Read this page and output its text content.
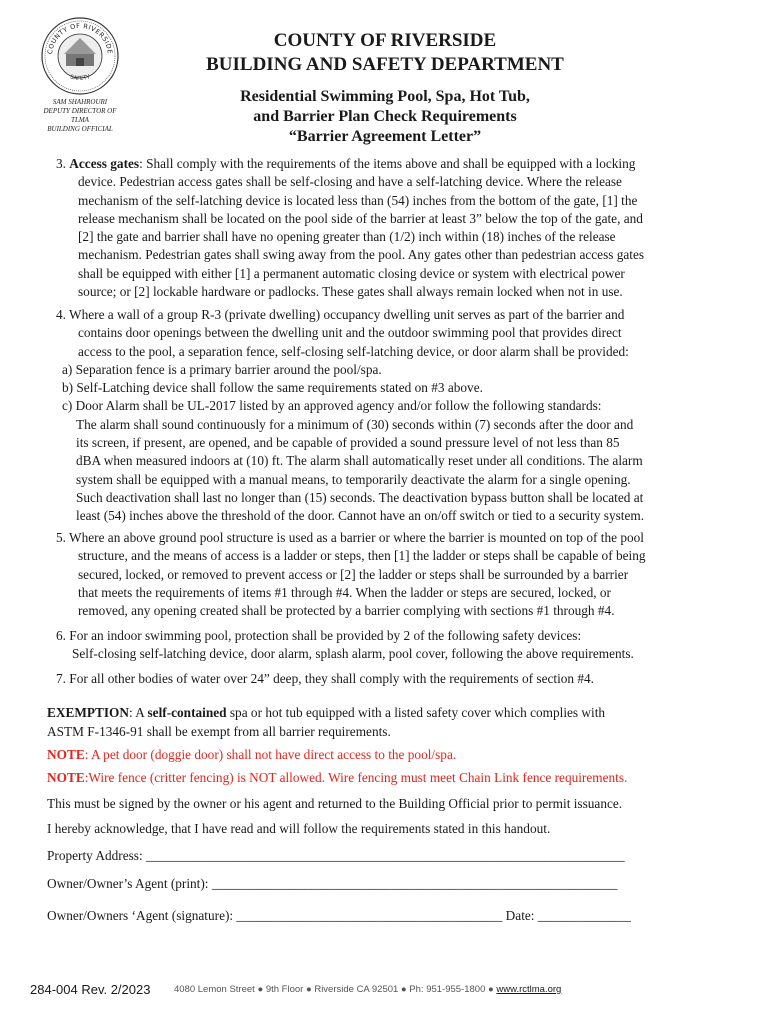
COUNTY OF RIVERSIDE
SAFETY
SAM SHAHROURI
DEPUTY DIRECTOR OF
TLMA
BUILDING OFFICIAL
COUNTY OF RIVERSIDE
BUILDING AND SAFETY DEPARTMENT
Residential Swimming Pool, Spa, Hot Tub,
and Barrier Plan Check Requirements
“Barrier Agreement Letter”
3. Access gates: Shall comply with the requirements of the items above and shall be equipped with a locking
device. Pedestrian access gates shall be self-closing and have a self-latching device. Where the release
mechanism of the self-latching device is located less than (54) inches from the bottom of the gate, [1] the
release mechanism shall be located on the pool side of the barrier at least 3” below the top of the gate, and
[2] the gate and barrier shall have no opening greater than (1/2) inch within (18) inches of the release
mechanism. Pedestrian gates shall swing away from the pool. Any gates other than pedestrian access gates
shall be equipped with either [1] a permanent automatic closing device or system with electrical power
source; or [2] lockable hardware or padlocks. These gates shall always remain locked when not in use.
4. Where a wall of a group R-3 (private dwelling) occupancy dwelling unit serves as part of the barrier and
contains door openings between the dwelling unit and the outdoor swimming pool that provides direct
access to the pool, a separation fence, self-closing self-latching device, or door alarm shall be provided:
a) Separation fence is a primary barrier around the pool/spa.
b) Self-Latching device shall follow the same requirements stated on #3 above.
c) Door Alarm shall be UL-2017 listed by an approved agency and/or follow the following standards:
The alarm shall sound continuously for a minimum of (30) seconds within (7) seconds after the door and
its screen, if present, are opened, and be capable of provided a sound pressure level of not less than 85
dBA when measured indoors at (10) ft. The alarm shall automatically reset under all conditions. The alarm
system shall be equipped with a manual means, to temporarily deactivate the alarm for a single opening.
Such deactivation shall last no longer than (15) seconds. The deactivation bypass button shall be located at
least (54) inches above the threshold of the door. Cannot have an on/off switch or tied to a security system.
5. Where an above ground pool structure is used as a barrier or where the barrier is mounted on top of the pool
structure, and the means of access is a ladder or steps, then [1] the ladder or steps shall be capable of being
secured, locked, or removed to prevent access or [2] the ladder or steps shall be surrounded by a barrier
that meets the requirements of items #1 through #4. When the ladder or steps are secured, locked, or
removed, any opening created shall be protected by a barrier complying with sections #1 through #4.
6. For an indoor swimming pool, protection shall be provided by 2 of the following safety devices:
Self-closing self-latching device, door alarm, splash alarm, pool cover, following the above requirements.
7. For all other bodies of water over 24” deep, they shall comply with the requirements of section #4.
EXEMPTION: A self-contained spa or hot tub equipped with a listed safety cover which complies with
ASTM F-1346-91 shall be exempt from all barrier requirements.
NOTE: A pet door (doggie door) shall not have direct access to the pool/spa.
NOTE:Wire fence (critter fencing) is NOT allowed. Wire fencing must meet Chain Link fence requirements.
This must be signed by the owner or his agent and returned to the Building Official prior to permit issuance.
I hereby acknowledge, that I have read and will follow the requirements stated in this handout.
Property Address: ________________________________________________________________________
Owner/Owner’s Agent (print): _____________________________________________________________
Owner/Owners ‘Agent (signature): ________________________________________ Date: ______________
284-004 Rev. 2/2023 4080 Lemon Street ● 9th Floor ● Riverside CA 92501 ● Ph: 951-955-1800 ● www.rctlma.org
